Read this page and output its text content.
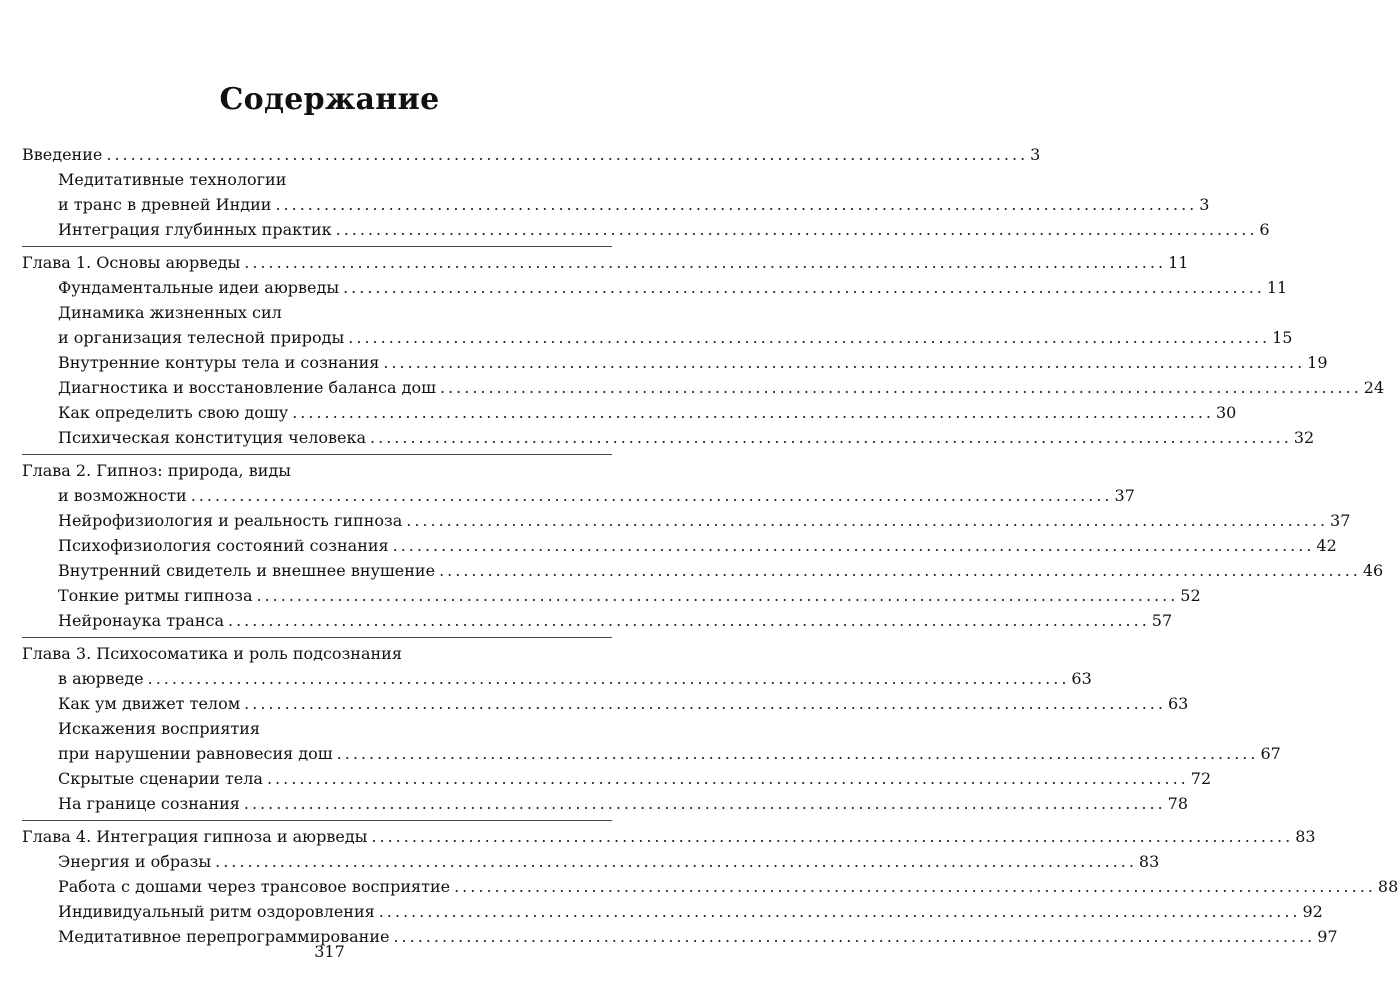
Содержание
Введение .................................................................................................................. 3
Медитативные технологии
и транс в древней Индии .................................................................................................................. 3
Интеграция глубинных практик .................................................................................................................. 6
Глава 1. Основы аюрведы .................................................................................................................. 11
Фундаментальные идеи аюрведы .................................................................................................................. 11
Динамика жизненных сил
и организация телесной природы .................................................................................................................. 15
Внутренние контуры тела и сознания .................................................................................................................. 19
Диагностика и восстановление баланса дош .................................................................................................................. 24
Как определить свою дошу .................................................................................................................. 30
Психическая конституция человека .................................................................................................................. 32
Глава 2. Гипноз: природа, виды
и возможности .................................................................................................................. 37
Нейрофизиология и реальность гипноза .................................................................................................................. 37
Психофизиология состояний сознания .................................................................................................................. 42
Внутренний свидетель и внешнее внушение .................................................................................................................. 46
Тонкие ритмы гипноза .................................................................................................................. 52
Нейронаука транса .................................................................................................................. 57
Глава 3. Психосоматика и роль подсознания
в аюрведе .................................................................................................................. 63
Как ум движет телом .................................................................................................................. 63
Искажения восприятия
при нарушении равновесия дош .................................................................................................................. 67
Скрытые сценарии тела .................................................................................................................. 72
На границе сознания .................................................................................................................. 78
Глава 4. Интеграция гипноза и аюрведы .................................................................................................................. 83
Энергия и образы .................................................................................................................. 83
Работа с дошами через трансовое восприятие .................................................................................................................. 88
Индивидуальный ритм оздоровления .................................................................................................................. 92
Медитативное перепрограммирование .................................................................................................................. 97
317
